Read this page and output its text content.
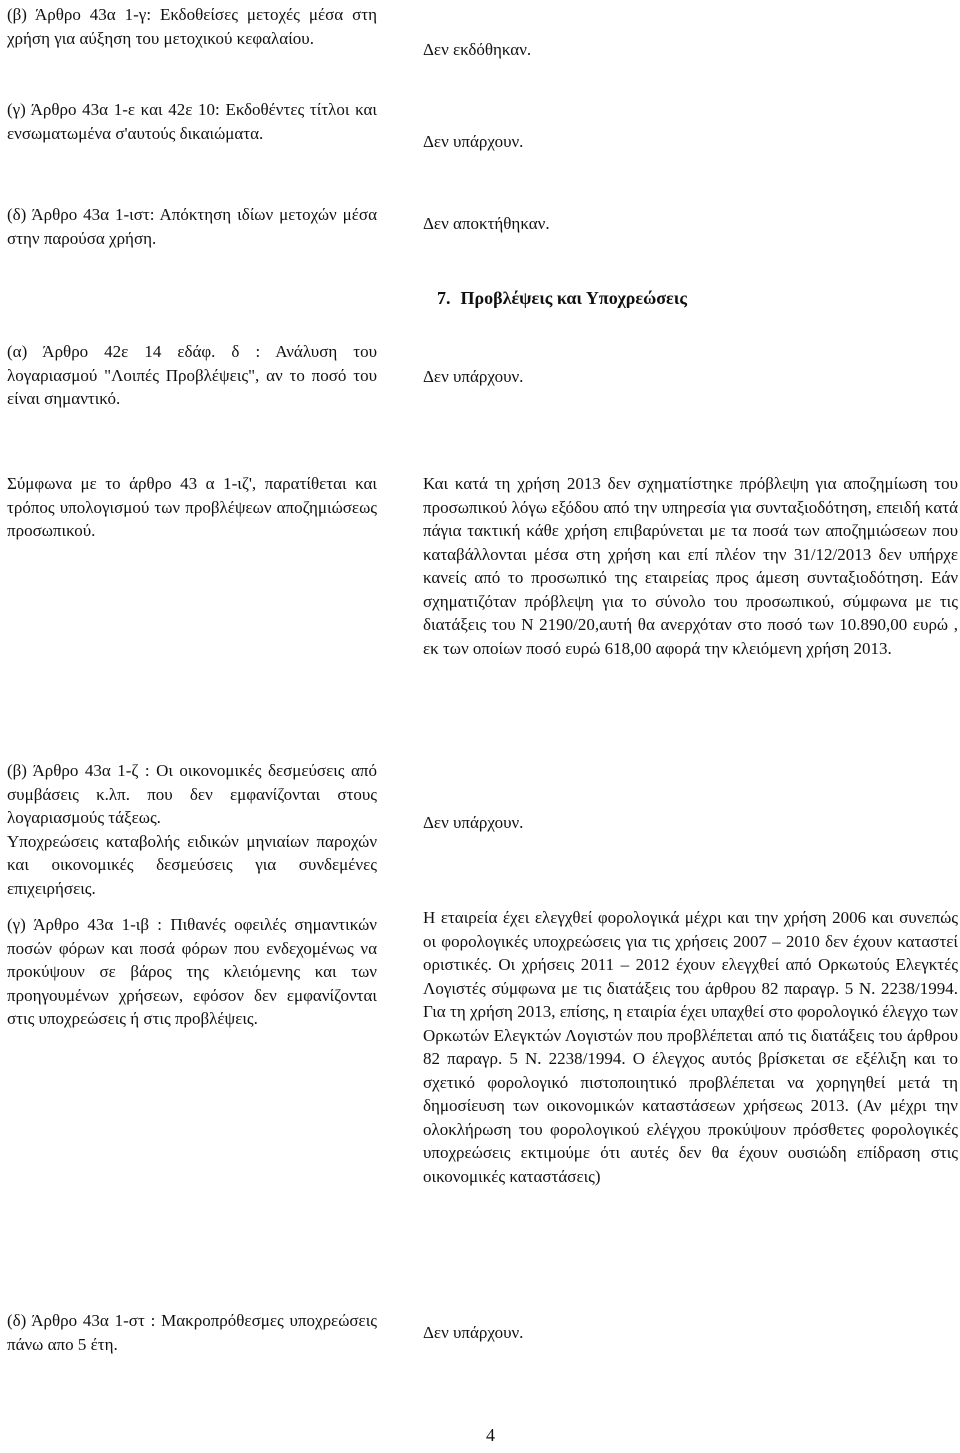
(β) Άρθρο 43α 1-γ: Εκδοθείσες μετοχές μέσα στη χρήση για αύξηση του μετοχικού κεφαλαίου.

Δεν εκδόθηκαν.

(γ) Άρθρο 43α 1-ε και 42ε 10: Εκδοθέντες τίτλοι και ενσωματωμένα σ'αυτούς δικαιώματα.	Δεν υπάρχουν.

(δ) Άρθρο 43α 1-ιστ: Απόκτηση ιδίων μετοχών μέσα στην παρούσα χρήση.

Δεν αποκτήθηκαν.

7. Προβλέψεις και Υποχρεώσεις

(α) Άρθρο 42ε 14 εδάφ. δ : Ανάλυση του λογαριασμού "Λοιπές Προβλέψεις", αν το ποσό του είναι σημαντικό.

Δεν υπάρχουν.

Σύμφωνα με το άρθρο 43 α 1-ιζ', παρατίθεται και τρόπος υπολογισμού των προβλέψεων αποζημιώσεως προσωπικού.

Και κατά τη χρήση 2013 δεν σχηματίστηκε πρόβλεψη για αποζημίωση του προσωπικού λόγω εξόδου από την υπηρεσία για συνταξιοδότηση, επειδή κατά πάγια τακτική κάθε χρήση επιβαρύνεται με τα ποσά των αποζημιώσεων που καταβάλλονται μέσα στη χρήση και επί πλέον την 31/12/2013 δεν υπήρχε κανείς από το προσωπικό της εταιρείας προς άμεση συνταξιοδότηση. Εάν σχηματιζόταν πρόβλεψη για το σύνολο του προσωπικού, σύμφωνα με τις διατάξεις του Ν 2190/20,αυτή θα ανερχόταν στο ποσό των 10.890,00 ευρώ , εκ των οποίων ποσό ευρώ 618,00 αφορά την κλειόμενη χρήση 2013.

(β) Άρθρο 43α 1-ζ : Οι οικονομικές δεσμεύσεις από συμβάσεις κ.λπ. που δεν εμφανίζονται στους λογαριασμούς τάξεως.

Υποχρεώσεις καταβολής ειδικών μηνιαίων παροχών και οικονομικές δεσμεύσεις για συνδεμένες επιχειρήσεις.

Δεν υπάρχουν.

(γ) Άρθρο 43α 1-ιβ : Πιθανές οφειλές σημαντικών ποσών φόρων και ποσά φόρων που ενδεχομένως να προκύψουν σε βάρος της κλειόμενης και των προηγουμένων χρήσεων, εφόσον δεν εμφανίζονται στις υποχρεώσεις ή στις προβλέψεις.

Η εταιρεία έχει ελεγχθεί φορολογικά μέχρι και την χρήση 2006 και συνεπώς οι φορολογικές υποχρεώσεις για τις χρήσεις 2007 – 2010 δεν έχουν καταστεί οριστικές. Οι χρήσεις 2011 – 2012 έχουν ελεγχθεί από Ορκωτούς Ελεγκτές Λογιστές σύμφωνα με τις διατάξεις του άρθρου 82 παραγρ. 5 Ν. 2238/1994. Για τη χρήση 2013, επίσης, η εταιρία έχει υπαχθεί στο φορολογικό έλεγχο των Ορκωτών Ελεγκτών Λογιστών που προβλέπεται από τις διατάξεις του άρθρου 82 παραγρ. 5 Ν. 2238/1994. Ο έλεγχος αυτός βρίσκεται σε εξέλιξη και το σχετικό φορολογικό πιστοποιητικό προβλέπεται να χορηγηθεί μετά τη δημοσίευση των οικονομικών καταστάσεων χρήσεως 2013. (Αν μέχρι την ολοκλήρωση του φορολογικού ελέγχου προκύψουν πρόσθετες φορολογικές υποχρεώσεις εκτιμούμε ότι αυτές δεν θα έχουν ουσιώδη επίδραση στις οικονομικές καταστάσεις)

(δ) Άρθρο 43α 1-στ : Μακροπρόθεσμες υποχρεώσεις πάνω απο 5 έτη.

Δεν υπάρχουν.

4
